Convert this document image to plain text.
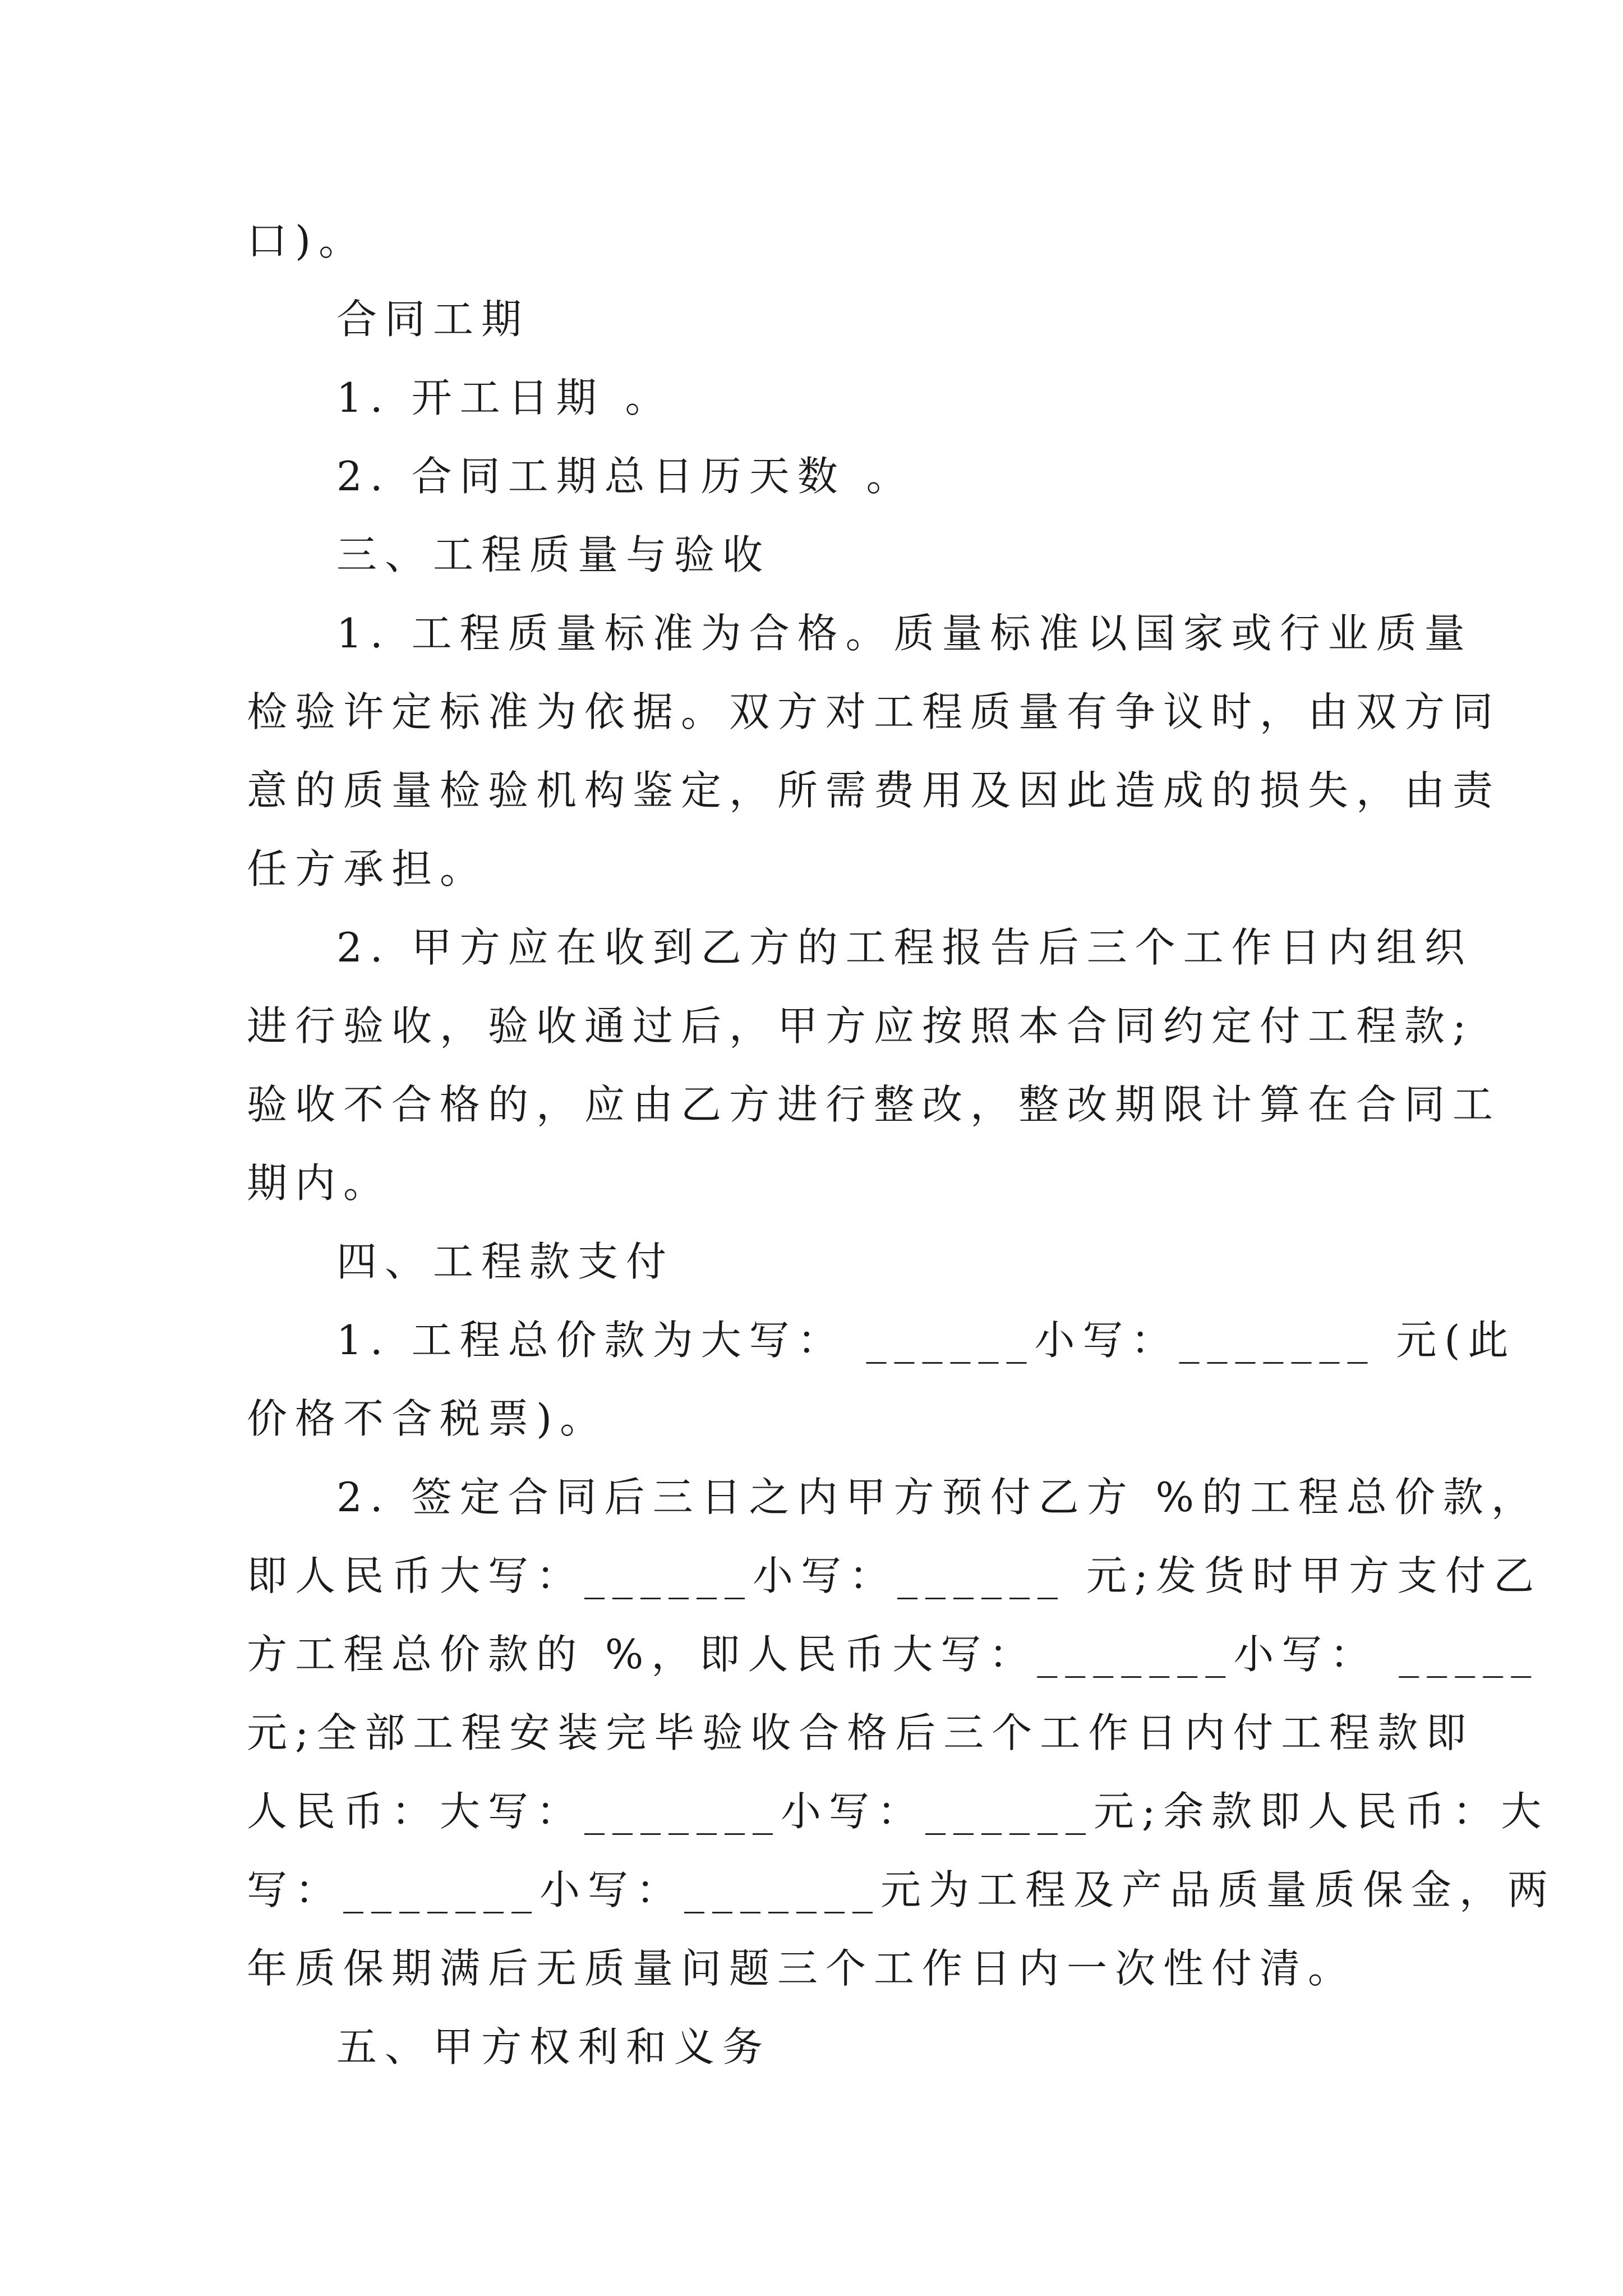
口)。
合同工期
1. 开工日期 。
2. 合同工期总日历天数 。
三、工程质量与验收
1. 工程质量标准为合格。质量标准以国家或行业质量
检验许定标准为依据。双方对工程质量有争议时，由双方同
意的质量检验机构鉴定，所需费用及因此造成的损失，由责
任方承担。
2. 甲方应在收到乙方的工程报告后三个工作日内组织
进行验收，验收通过后，甲方应按照本合同约定付工程款;
验收不合格的，应由乙方进行整改，整改期限计算在合同工
期内。
四、工程款支付
1. 工程总价款为大写： ______小写：_______ 元(此
价格不含税票)。
2. 签定合同后三日之内甲方预付乙方 %的工程总价款，
即人民币大写：______小写：______ 元;发货时甲方支付乙
方工程总价款的 %，即人民币大写：_______小写： _____
元;全部工程安装完毕验收合格后三个工作日内付工程款即
人民币：大写：_______小写：______元;余款即人民币：大
写：_______小写：_______元为工程及产品质量质保金，两
年质保期满后无质量问题三个工作日内一次性付清。
五、甲方权利和义务
